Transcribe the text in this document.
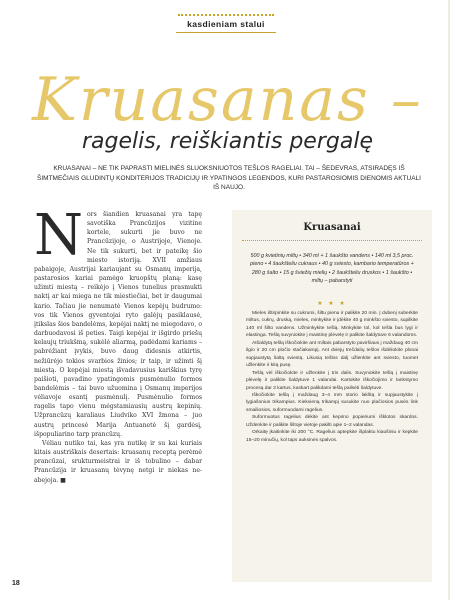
kasdieniam stalui
Kruasanas –
ragelis, reiškiantis pergalę
KRUASANAI – NE TIK PAPRASTI MIELINĖS SLUOKSNIUOTOS TEŠLOS RAGELIAI. TAI – ŠEDEVRAS, ATSIRADĘS IŠ ŠIMTMEČIAIS GLUDINTŲ KONDITERIJOS TRADICIJŲ IR YPATINGOS LEGENDOS, KURI PASTAROSIOMIS DIENOMIS AKTUALI IŠ NAUJO.
N ors šiandien kruasanai yra tapę savotiška Prancūzijos vizitine kortele, sukurti jie buvo ne Prancūzijoje, o Austrijoje, Vienoje. Ne tik sukurti, bet ir pateikę šio miesto istoriją. XVII amžiaus pabaigoje, Austrijai kariaujant su Osmanų imperija, pastarosios kariai pamėgo kruopštų planą: kasę užimti miestą – reikėjo į Vienos tunelius prasmukti naktį ar kai miega ne tik miestiečiai, bet ir daugumai kario. Tačiau jie nenumatė Vienos kepėjų budrumo: vos tik Vienos gyventojai ryto galėjų pasiklausė, įtikslas šios bandelėms, kepėjai naktį ne miegodavo, o darbuodavosi iš peties. Taigi kepėjai ir išgirdo priešų kelaujų triukšmą, sukėlė aliarmą, padėdami kariams – pabrėžiant įvykis, buvo daug didesnis atkirtis, nežiūrėjo tokios svarbios žinios; ir taip, ir užimti šį miestą. O kepėjai miestą išvadavusius kariškius tyrę paišioti, pavadino ypatingomis pusmėnulio formos bandelėmis – tai buvo užuomina į Osmanų imperijos vėliavoje esantį pusmėnulį. Pusmėnulio formos ragelis tapo vienu mėgstamiausių austrų kepinių. Užprancūzų karaliaus Liudviko XVI žmona – juo austrų princesė Marija Antuanetė šį gardėsį, išpopuliarino tarp prancūzų.

Vėliau nutiko tai, kas yra nutikę ir su kai kuriais kitais austriškais desertais: kruasanų receptą perėmė prancūzai, srukturmeistrai ir iš tobulino – dabar Prancūzija ir kruasanų tėvynę netgi ir niekas neabejoja. ■

Kruasanai
500 g kvietinių miltų • 340 ml + 1 šaukšto vandens • 140 ml 3,5 proc. pieno • 4 šaukšteliu cukraus • 40 g sviesto, kambario temperatūros + 280 g šalto • 15 g šviežių mielių • 2 šaukšteliu druskos • 1 šaukšto • miltų – pabarstyti
★ ★ ★

Mieles ištirpinkite su cukrumi, šiltu pienu ir palikite 20 min. Į dubenį suberkite miltus, cukrų, druską, mieles, minkykite ir įdėkite 40 g minkšto sviesto, supilkite 140 ml šilto vandens. Užminkykite tešlą. Minkykite tol, kol tešla bus lygi ir elastinga. Tešlą suvyniokite į maistinę plėvelę ir palikite šaldytuve 6 valandoms.

Atšaldytą tešlą iškočiokite ant miltais pabarstyto paviršiaus į maždaug 40 cm ilgio ir 20 cm pločio stačiakampį. Ant dviejų trečdalių tešlos išdėliokite plonai supjaustytą šaltą sviestą. Likusią tešlos dalį užlenkite ant sviesto, tuomet užlenkite ir kitą pusę.

Tešlą vėl iškočiokite ir užlenkite į tris dalis. Suvyniokite tešlą į maistinę plėvelę ir palikite šaldytuve 1 valandai. Kartokite iškočiojimo ir lankstymo procesą dar 3 kartus, kaskart palikdami tešlą pailsėti šaldytuve.

Iškočiokite tešlą į maždaug 3–4 mm storio lakštą ir supjaustykite į lygiašonius trikampius. Kiekvieną trikampį susukite nuo plačiosios pusės link smailiosios, suformuodami ragelius.

Suformuotus ragelius dėkite ant kepimo popieriumi išklotos skardos. Uždenkite ir palikite šiltoje vietoje pakilti apie 1–2 valandas.

Orkaitę įkaitinkite iki 200 °C. Ragelius aptepkite išplaktu kiaušiniu ir kepkite 15–20 minučių, kol taps auksinės spalvos.

18
